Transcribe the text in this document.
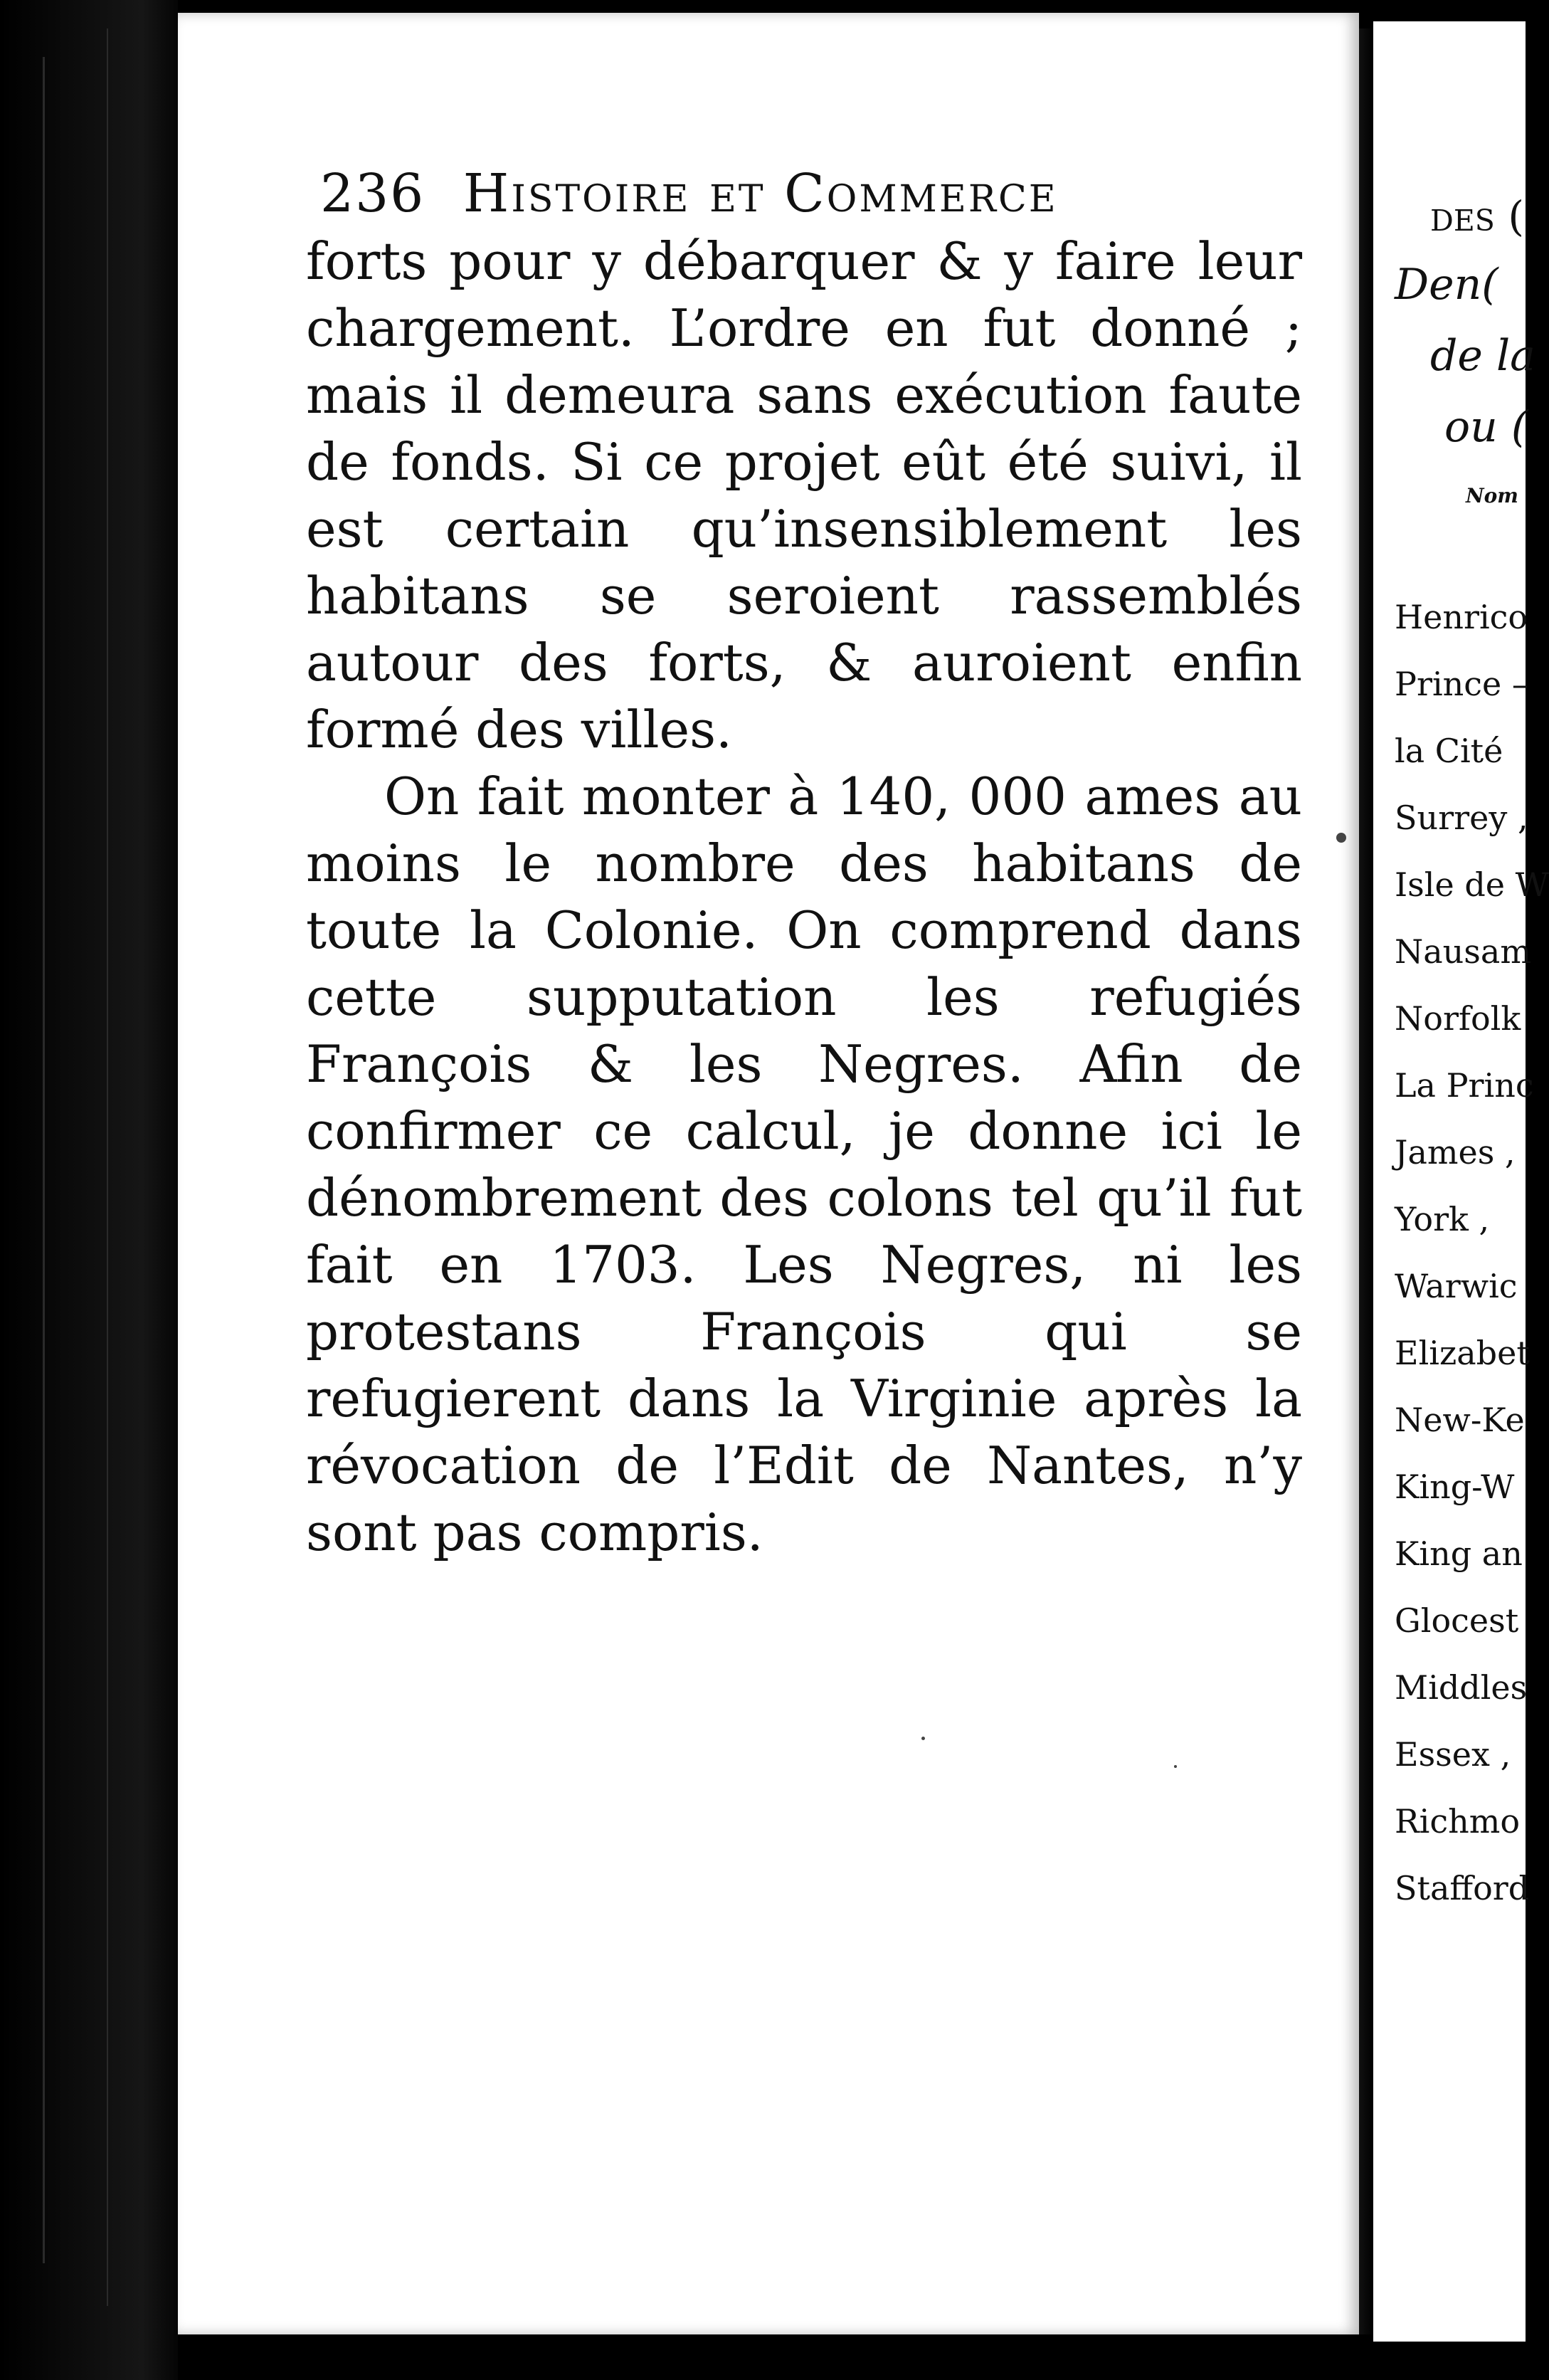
236 Histoire et Commerce

forts pour y débarquer & y faire leur chargement. L’ordre en fut donné ; mais il demeura sans exécution faute de fonds. Si ce projet eût été suivi, il est certain qu’insensiblement les habitans se seroient rassemblés autour des forts, & auroient enfin formé des villes.

On fait monter à 140, 000 ames au moins le nombre des habitans de toute la Colonie. On comprend dans cette supputation les refugiés François & les Negres. Afin de confirmer ce calcul, je donne ici le dénombrement des colons tel qu’il fut fait en 1703. Les Negres, ni les protestans François qui se refugierent dans la Virginie après la révocation de l’Edit de Nantes, n’y sont pas compris.

des (
Den(
de la
ou (
Nom
Henrico
Prince –
la Cité
Surrey ,
Isle de W
Nausam
Norfolk
La Princ
James ,
York ,
Warwic
Elizabet
New-Ke
King-W
King an
Glocest
Middles
Essex ,
Richmo
Stafford
